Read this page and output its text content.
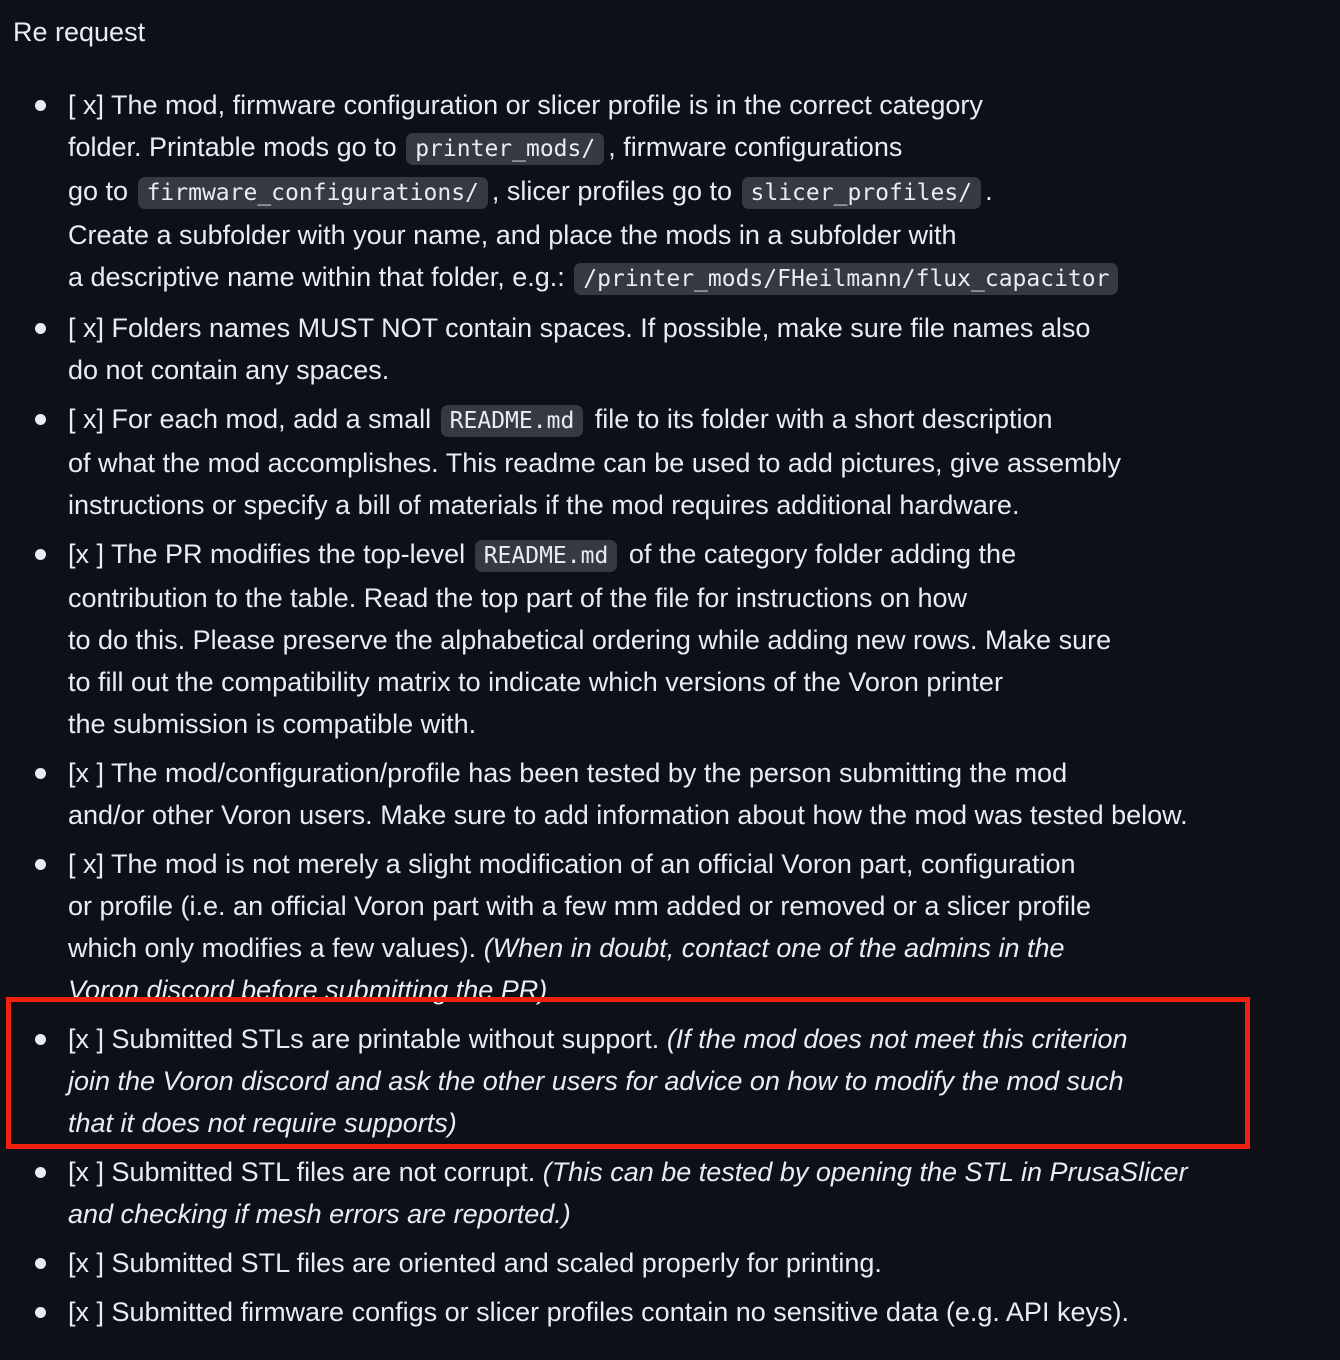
Re request
[ x] The mod, firmware configuration or slicer profile is in the correct category
folder. Printable mods go to printer_mods/ , firmware configurations
go to firmware_configurations/ , slicer profiles go to slicer_profiles/ .
Create a subfolder with your name, and place the mods in a subfolder with
a descriptive name within that folder, e.g.: /printer_mods/FHeilmann/flux_capacitor
[ x] Folders names MUST NOT contain spaces. If possible, make sure file names also
do not contain any spaces.
[ x] For each mod, add a small README.md file to its folder with a short description
of what the mod accomplishes. This readme can be used to add pictures, give assembly
instructions or specify a bill of materials if the mod requires additional hardware.
[x ] The PR modifies the top-level README.md of the category folder adding the
contribution to the table. Read the top part of the file for instructions on how
to do this. Please preserve the alphabetical ordering while adding new rows. Make sure
to fill out the compatibility matrix to indicate which versions of the Voron printer
the submission is compatible with.
[x ] The mod/configuration/profile has been tested by the person submitting the mod
and/or other Voron users. Make sure to add information about how the mod was tested below.
[ x] The mod is not merely a slight modification of an official Voron part, configuration
or profile (i.e. an official Voron part with a few mm added or removed or a slicer profile
which only modifies a few values). (When in doubt, contact one of the admins in the
Voron discord before submitting the PR)
[x ] Submitted STLs are printable without support. (If the mod does not meet this criterion
join the Voron discord and ask the other users for advice on how to modify the mod such
that it does not require supports)
[x ] Submitted STL files are not corrupt. (This can be tested by opening the STL in PrusaSlicer
and checking if mesh errors are reported.)
[x ] Submitted STL files are oriented and scaled properly for printing.
[x ] Submitted firmware configs or slicer profiles contain no sensitive data (e.g. API keys).
